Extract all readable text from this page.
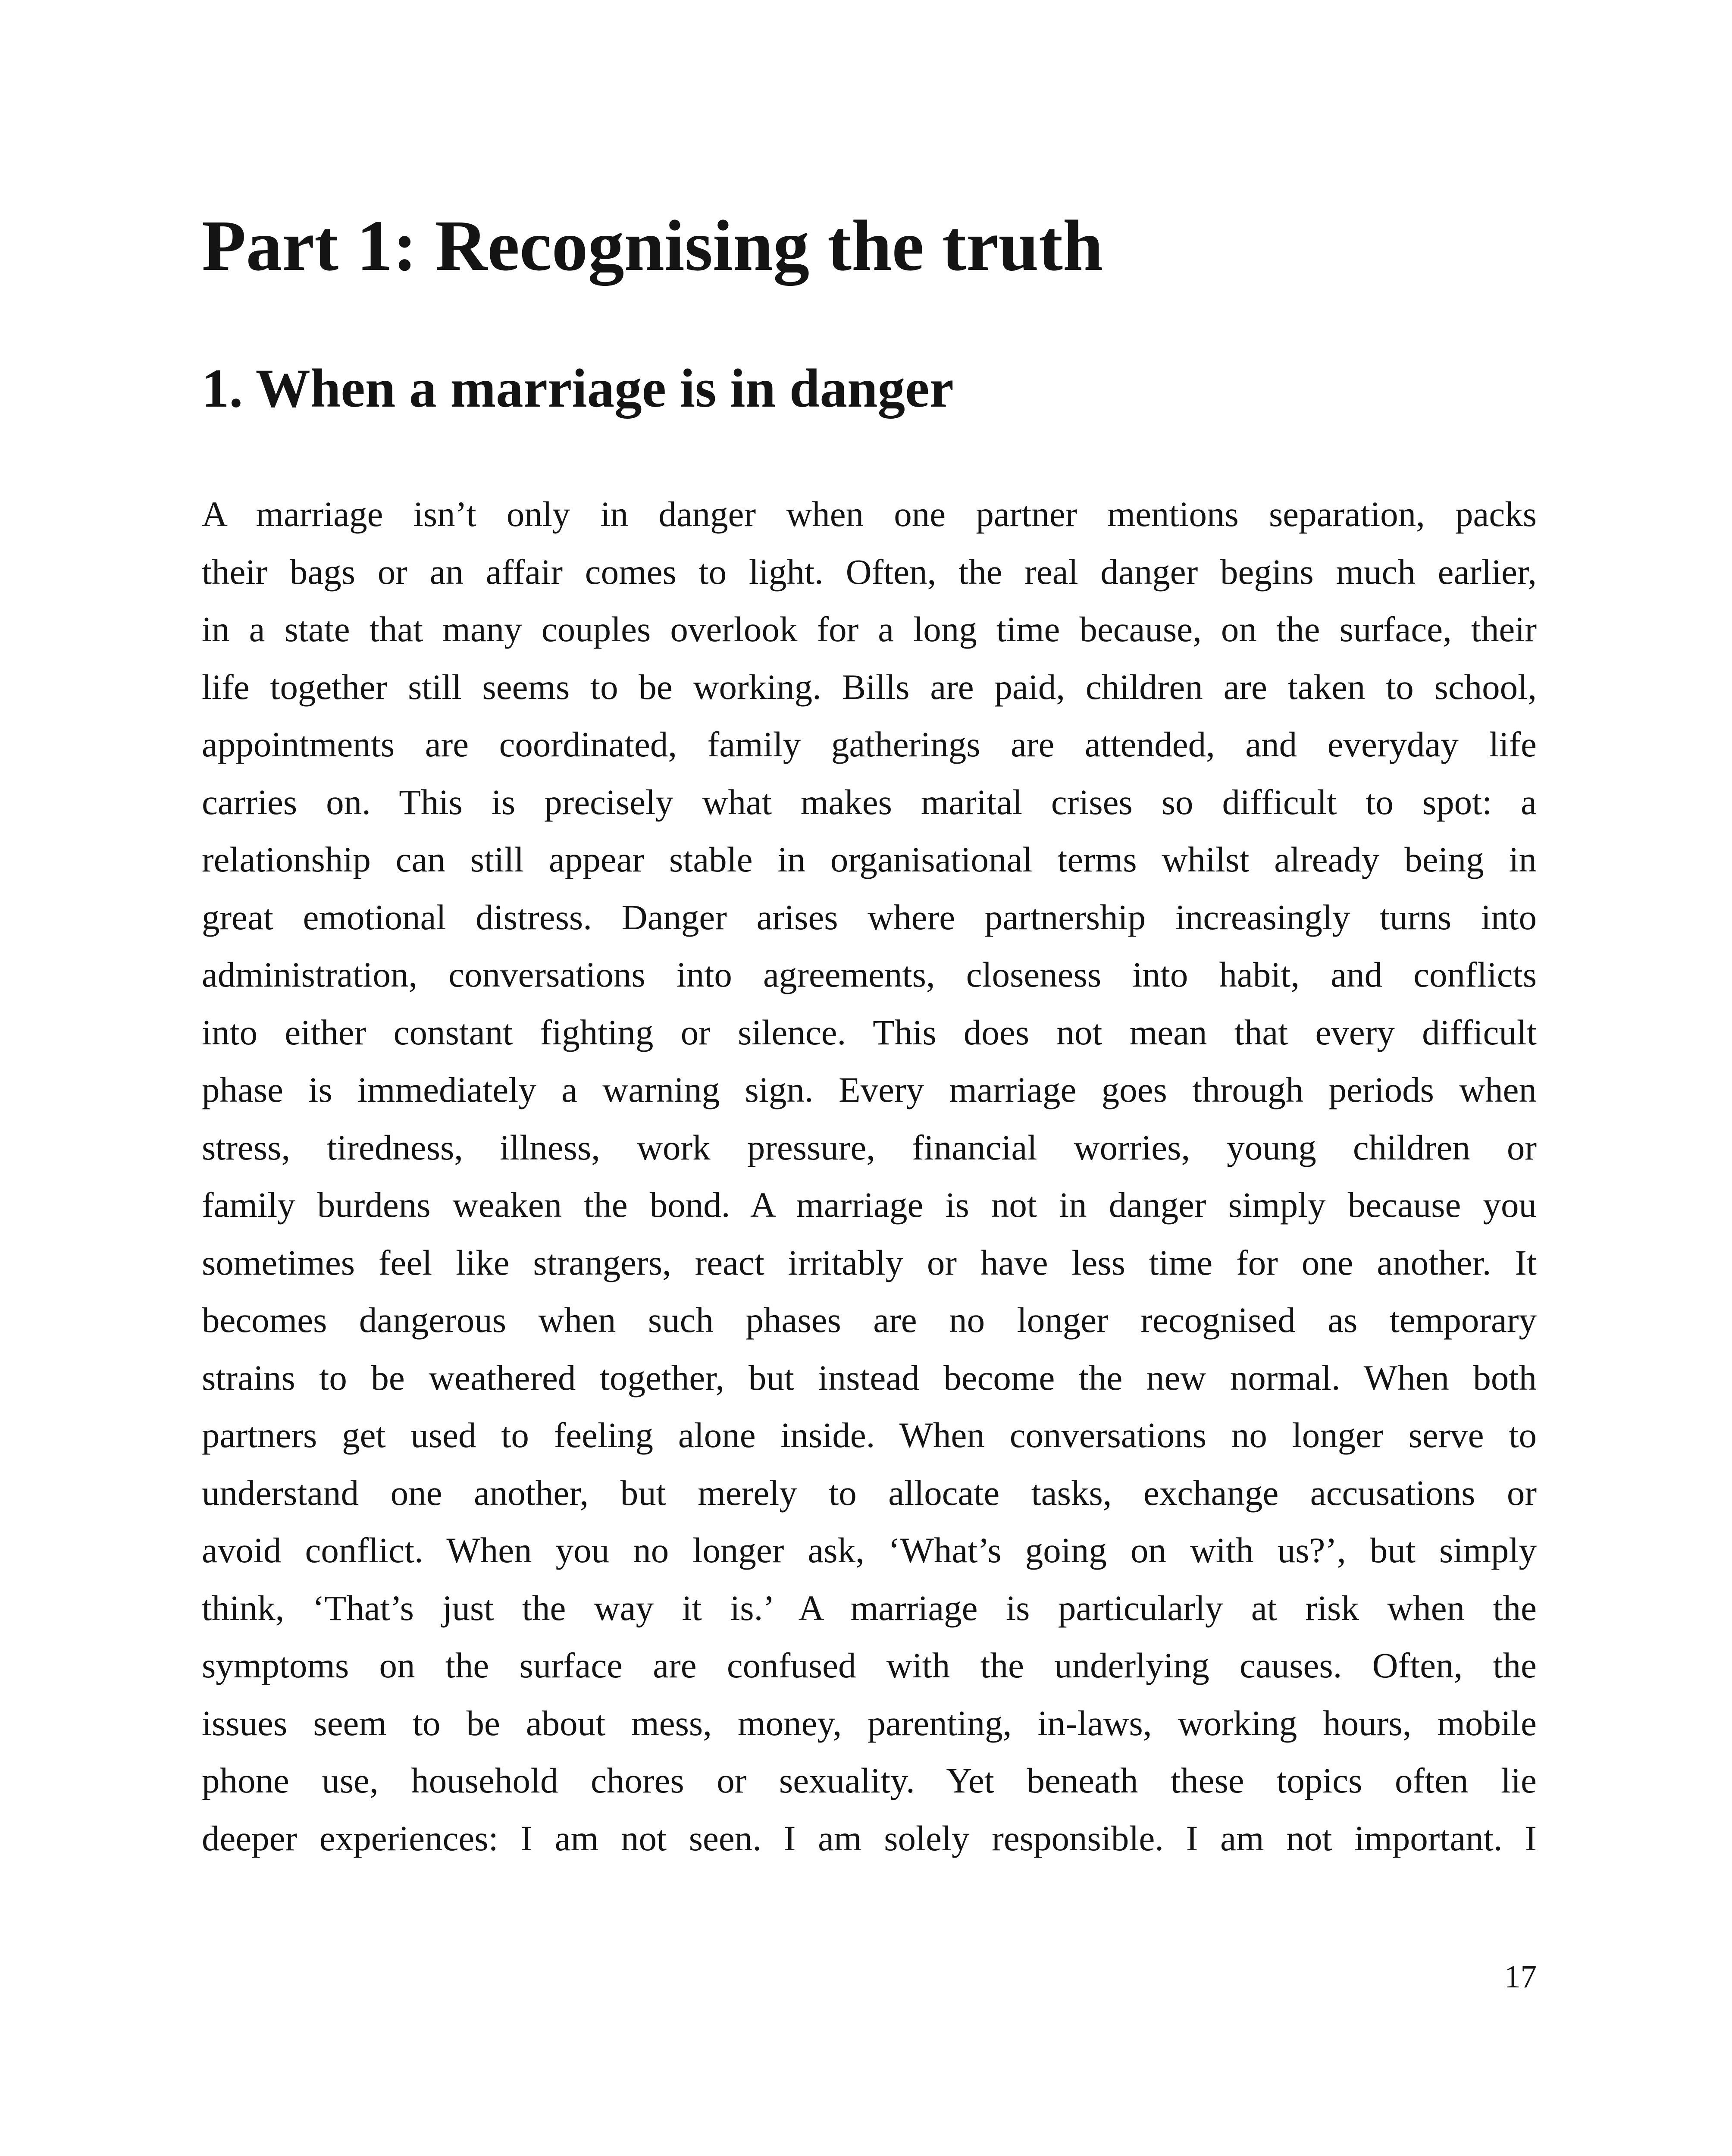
Part 1: Recognising the truth
1. When a marriage is in danger

A marriage isn’t only in danger when one partner mentions separation, packs
their bags or an affair comes to light. Often, the real danger begins much earlier,
in a state that many couples overlook for a long time because, on the surface, their
life together still seems to be working. Bills are paid, children are taken to school,
appointments are coordinated, family gatherings are attended, and everyday life
carries on. This is precisely what makes marital crises so difficult to spot: a
relationship can still appear stable in organisational terms whilst already being in
great emotional distress. Danger arises where partnership increasingly turns into
administration, conversations into agreements, closeness into habit, and conflicts
into either constant fighting or silence. This does not mean that every difficult
phase is immediately a warning sign. Every marriage goes through periods when
stress, tiredness, illness, work pressure, financial worries, young children or
family burdens weaken the bond. A marriage is not in danger simply because you
sometimes feel like strangers, react irritably or have less time for one another. It
becomes dangerous when such phases are no longer recognised as temporary
strains to be weathered together, but instead become the new normal. When both
partners get used to feeling alone inside. When conversations no longer serve to
understand one another, but merely to allocate tasks, exchange accusations or
avoid conflict. When you no longer ask, ‘What’s going on with us?’, but simply
think, ‘That’s just the way it is.’ A marriage is particularly at risk when the
symptoms on the surface are confused with the underlying causes. Often, the
issues seem to be about mess, money, parenting, in-laws, working hours, mobile
phone use, household chores or sexuality. Yet beneath these topics often lie
deeper experiences: I am not seen. I am solely responsible. I am not important. I

17
